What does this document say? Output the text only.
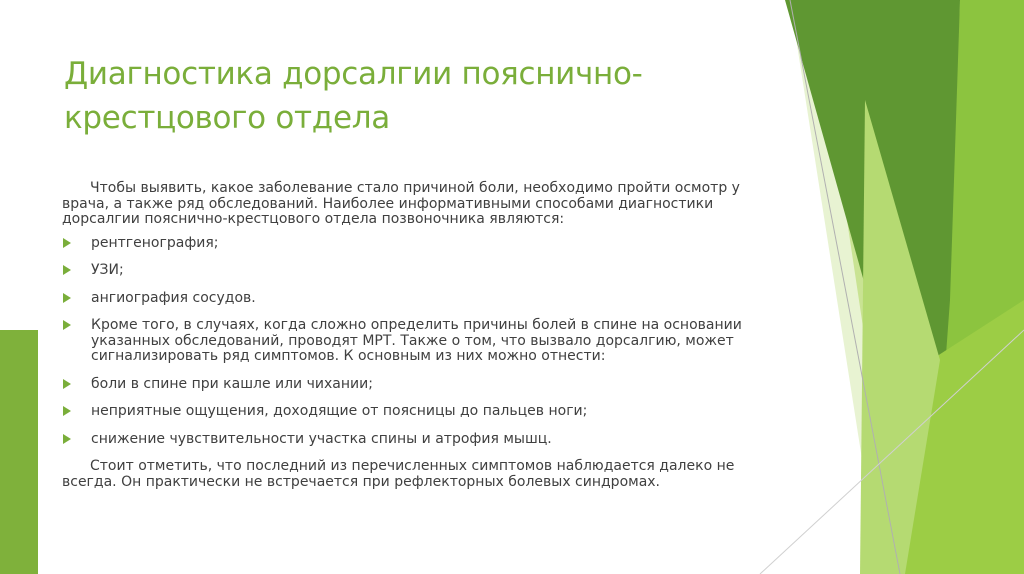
Диагностика дорсалгии пояснично-крестцового отдела

Чтобы выявить, какое заболевание стало причиной боли, необходимо пройти осмотр у врача, а также ряд обследований. Наиболее информативными способами диагностики дорсалгии пояснично-крестцового отдела позвоночника являются:

рентгенография;
УЗИ;
ангиография сосудов.
Кроме того, в случаях, когда сложно определить причины болей в спине на основании указанных обследований, проводят МРТ. Также о том, что вызвало дорсалгию, может сигнализировать ряд симптомов. К основным из них можно отнести:
боли в спине при кашле или чихании;
неприятные ощущения, доходящие от поясницы до пальцев ноги;
снижение чувствительности участка спины и атрофия мышц.

Стоит отметить, что последний из перечисленных симптомов наблюдается далеко не всегда. Он практически не встречается при рефлекторных болевых синдромах.
